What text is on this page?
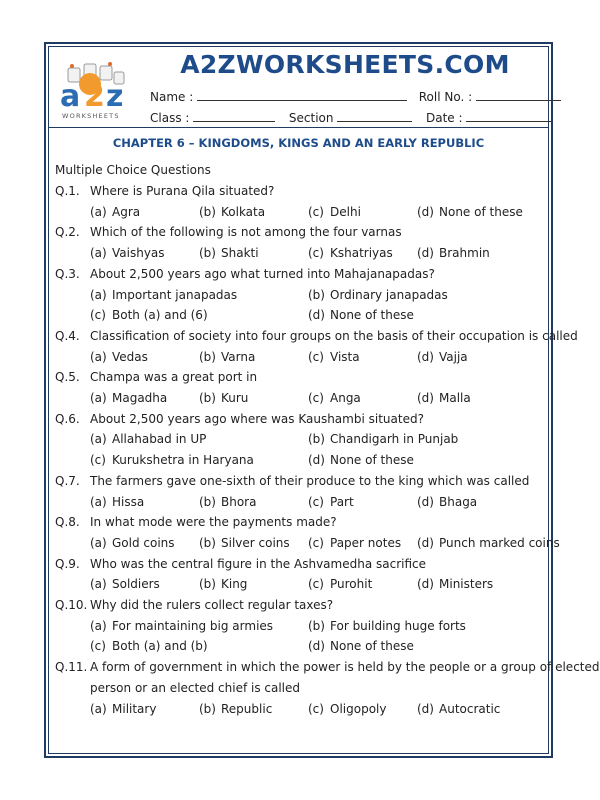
a 2 z
WORKSHEETS
A2ZWORKSHEETS.COM
Name :	Roll No. :
Class :	Section	Date :
CHAPTER 6 – KINGDOMS, KINGS AND AN EARLY REPUBLIC
Multiple Choice Questions
Q.1. Where is Purana Qila situated?
(a) Agra	(b) Kolkata	(c) Delhi	(d) None of these
Q.2. Which of the following is not among the four varnas
(a) Vaishyas	(b) Shakti	(c) Kshatriyas (d) Brahmin
Q.3. About 2,500 years ago what turned into Mahajanapadas?
(a) Important janapadas	(b) Ordinary janapadas
(c) Both (a) and (6)	(d) None of these
Q.4. Classification of society into four groups on the basis of their occupation is called
(a) Vedas	(b) Varna	(c) Vista	(d) Vajja
Q.5. Champa was a great port in
(a) Magadha	(b) Kuru	(c) Anga	(d) Malla
Q.6. About 2,500 years ago where was Kaushambi situated?
(a) Allahabad in UP	(b) Chandigarh in Punjab
(c) Kurukshetra in Haryana	(d) None of these
Q.7. The farmers gave one-sixth of their produce to the king which was called
(a) Hissa	(b) Bhora	(c) Part	(d) Bhaga
Q.8. In what mode were the payments made?
(a) Gold coins (b) Silver coins (c) Paper notes (d) Punch marked coins
Q.9. Who was the central figure in the Ashvamedha sacrifice
(a) Soldiers	(b) King	(c) Purohit	(d) Ministers
Q.10. Why did the rulers collect regular taxes?
(a) For maintaining big armies	(b) For building huge forts
(c) Both (a) and (b)	(d) None of these
Q.11. A form of government in which the power is held by the people or a group of elected
person or an elected chief is called
(a) Military	(b) Republic	(c) Oligopoly	(d) Autocratic
